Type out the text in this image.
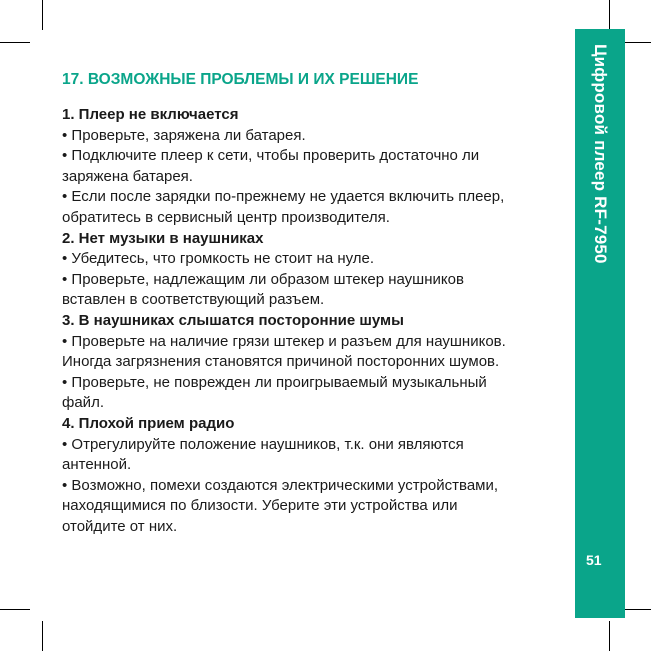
Цифровой плеер RF-7950
51
17. ВОЗМОЖНЫЕ ПРОБЛЕМЫ И ИХ РЕШЕНИЕ
1. Плеер не включается
• Проверьте, заряжена ли батарея.
• Подключите плеер к сети, чтобы проверить достаточно ли
заряжена батарея.
• Если после зарядки по-прежнему не удается включить плеер,
обратитесь в сервисный центр производителя.
2. Нет музыки в наушниках
• Убедитесь, что громкость не стоит на нуле.
• Проверьте, надлежащим ли образом штекер наушников
вставлен в соответствующий разъем.
3. В наушниках слышатся посторонние шумы
• Проверьте на наличие грязи штекер и разъем для наушников.
Иногда загрязнения становятся причиной посторонних шумов.
• Проверьте, не поврежден ли проигрываемый музыкальный
файл.
4. Плохой прием радио
• Отрегулируйте положение наушников, т.к. они являются
антенной.
• Возможно, помехи создаются электрическими устройствами,
находящимися по близости. Уберите эти устройства или
отойдите от них.
